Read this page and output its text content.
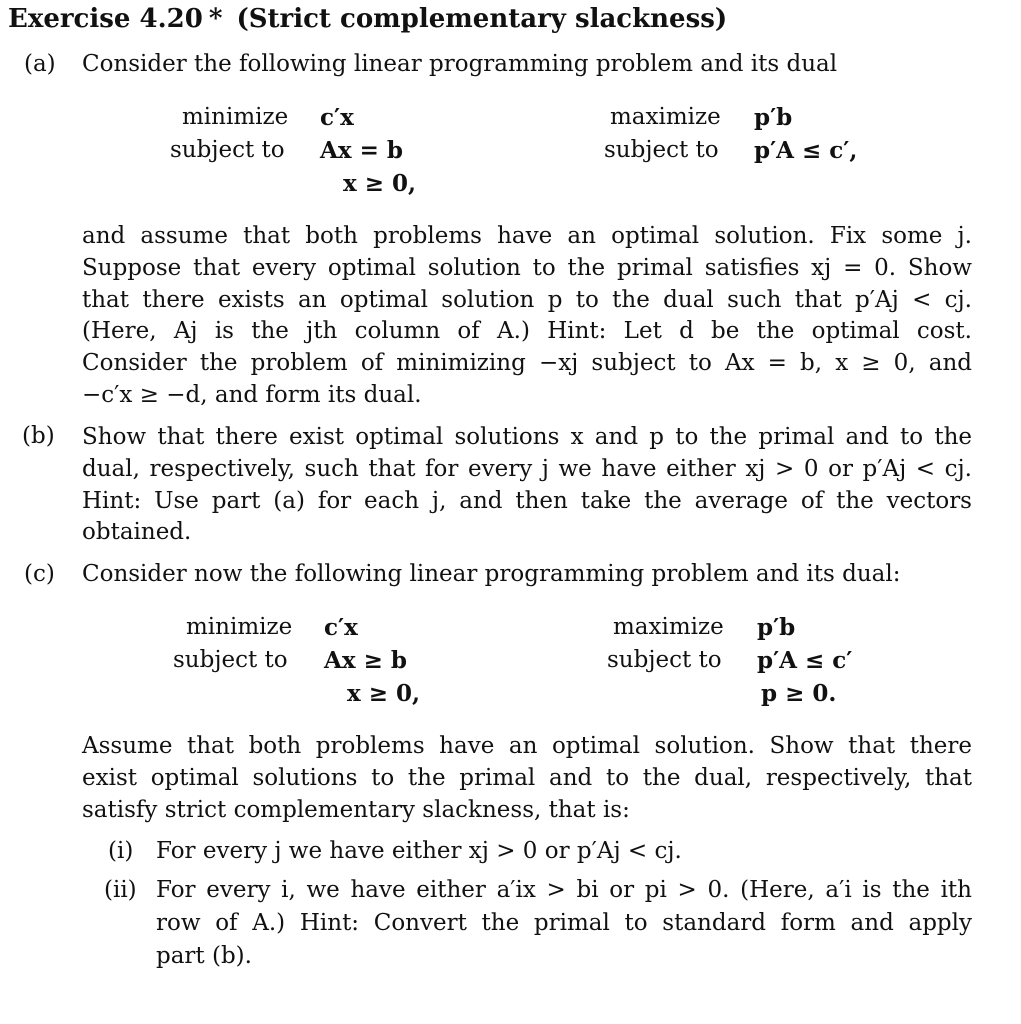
Exercise 4.20 * (Strict complementary slackness)
(a) Consider the following linear programming problem and its dual
minimize c′x
subject to Ax = b
x ≥ 0,
maximize p′b
subject to p′A ≤ c′,
and assume that both problems have an optimal solution. Fix some j.
Suppose that every optimal solution to the primal satisfies xj = 0. Show
that there exists an optimal solution p to the dual such that p′Aj < cj.
(Here, Aj is the jth column of A.) Hint: Let d be the optimal cost.
Consider the problem of minimizing −xj subject to Ax = b, x ≥ 0, and
−c′x ≥ −d, and form its dual.
(b) Show that there exist optimal solutions x and p to the primal and to the
dual, respectively, such that for every j we have either xj > 0 or p′Aj < cj.
Hint: Use part (a) for each j, and then take the average of the vectors
obtained.
(c) Consider now the following linear programming problem and its dual:
minimize c′x
subject to Ax ≥ b
x ≥ 0,
maximize p′b
subject to p′A ≤ c′
p ≥ 0.
Assume that both problems have an optimal solution. Show that there
exist optimal solutions to the primal and to the dual, respectively, that
satisfy strict complementary slackness, that is:
(i) For every j we have either xj > 0 or p′Aj < cj.
(ii) For every i, we have either a′ix > bi or pi > 0. (Here, a′i is the ith
row of A.) Hint: Convert the primal to standard form and apply
part (b).
